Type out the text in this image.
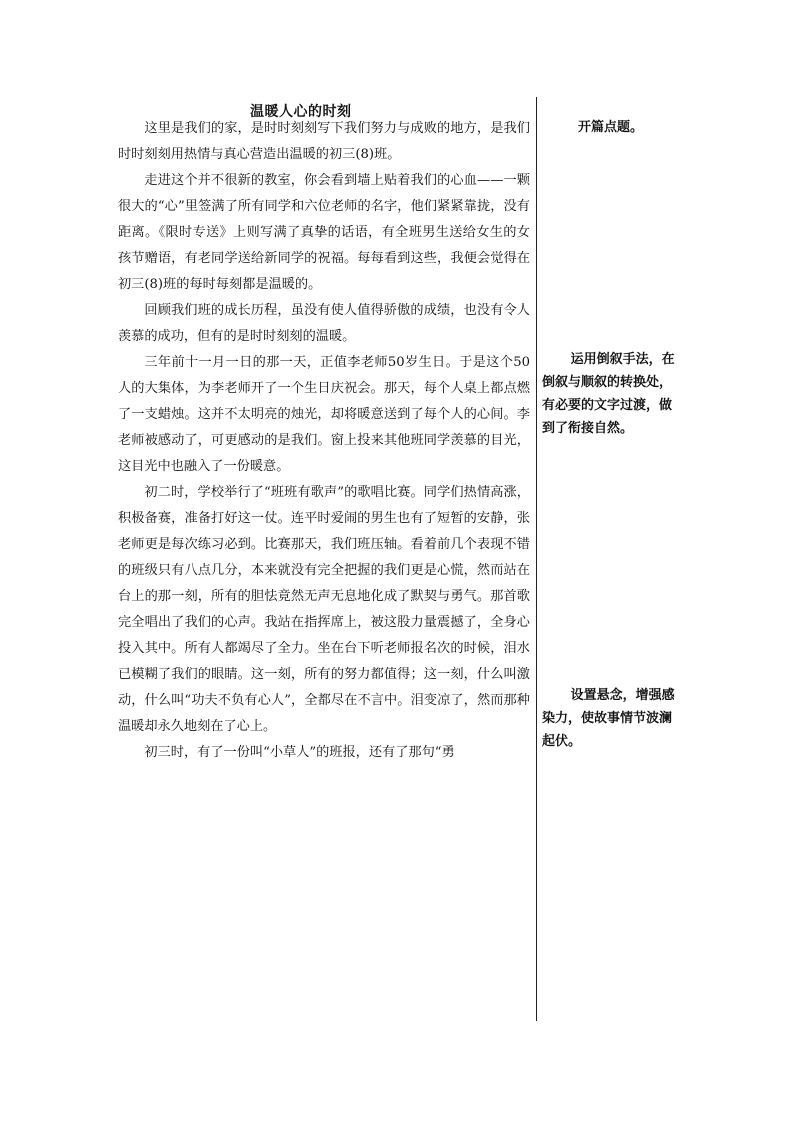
温暖人心的时刻

这里是我们的家，是时时刻刻写下我们努力与成败的地方，是我们时时刻刻用热情与真心营造出温暖的初三(8)班。

走进这个并不很新的教室，你会看到墙上贴着我们的心血——一颗很大的“心”里签满了所有同学和六位老师的名字，他们紧紧靠拢，没有距离。《限时专送》上则写满了真挚的话语，有全班男生送给女生的女孩节赠语，有老同学送给新同学的祝福。每每看到这些，我便会觉得在初三(8)班的每时每刻都是温暖的。

回顾我们班的成长历程，虽没有使人值得骄傲的成绩，也没有令人羡慕的成功，但有的是时时刻刻的温暖。

三年前十一月一日的那一天，正值李老师50岁生日。于是这个50人的大集体，为李老师开了一个生日庆祝会。那天，每个人桌上都点燃了一支蜡烛。这并不太明亮的烛光，却将暖意送到了每个人的心间。李老师被感动了，可更感动的是我们。窗上投来其他班同学羡慕的目光，这目光中也融入了一份暖意。

初二时，学校举行了“班班有歌声”的歌唱比赛。同学们热情高涨，积极备赛，准备打好这一仗。连平时爱闹的男生也有了短暂的安静，张老师更是每次练习必到。比赛那天，我们班压轴。看着前几个表现不错的班级只有八点几分，本来就没有完全把握的我们更是心慌，然而站在台上的那一刻，所有的胆怯竟然无声无息地化成了默契与勇气。那首歌完全唱出了我们的心声。我站在指挥席上，被这股力量震撼了，全身心投入其中。所有人都竭尽了全力。坐在台下听老师报名次的时候，泪水已模糊了我们的眼睛。这一刻，所有的努力都值得；这一刻，什么叫激动，什么叫“功夫不负有心人”，全都尽在不言中。泪变凉了，然而那种温暖却永久地刻在了心上。

初三时，有了一份叫“小草人”的班报，还有了那句“勇

开篇点题。

运用倒叙手法，在倒叙与顺叙的转换处，有必要的文字过渡，做到了衔接自然。

设置悬念，增强感染力，使故事情节波澜起伏。
